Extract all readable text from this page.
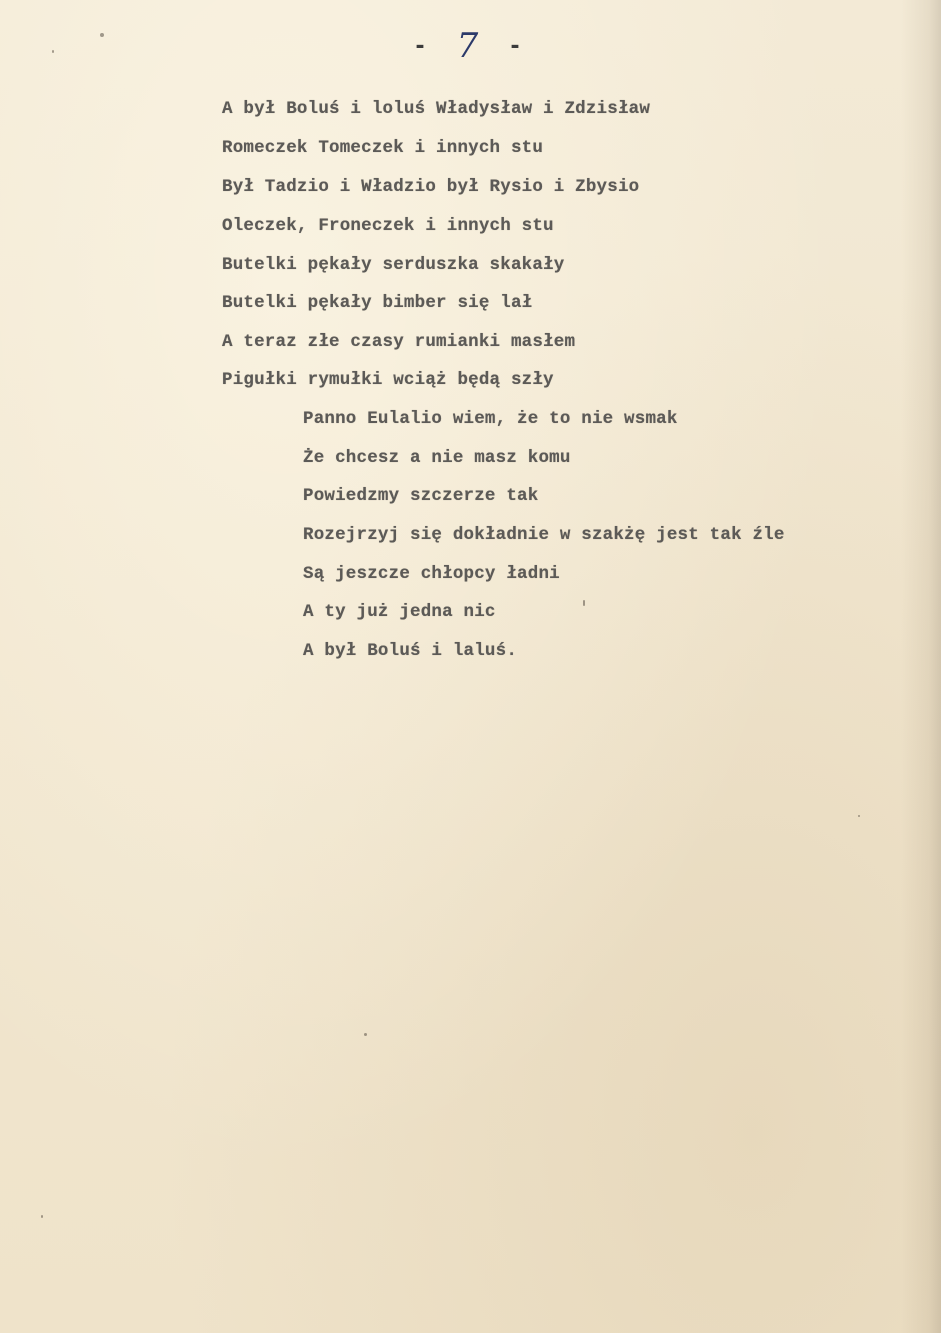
- 7 -
A był Boluś i loluś Władysław i Zdzisław
Romeczek Tomeczek i innych stu
Był Tadzio i Władzio był Rysio i Zbysio
Oleczek, Froneczek i innych stu
Butelki pękały serduszka skakały
Butelki pękały bimber się lał
A teraz złe czasy rumianki masłem
Pigułki rymułki wciąż będą szły
Panno Eulalio wiem, że to nie wsmak
Że chcesz a nie masz komu
Powiedzmy szczerze tak
Rozejrzyj się dokładnie w szakżę jest tak źle
Są jeszcze chłopcy ładni
A ty już jedna nic
A był Boluś i laluś.
